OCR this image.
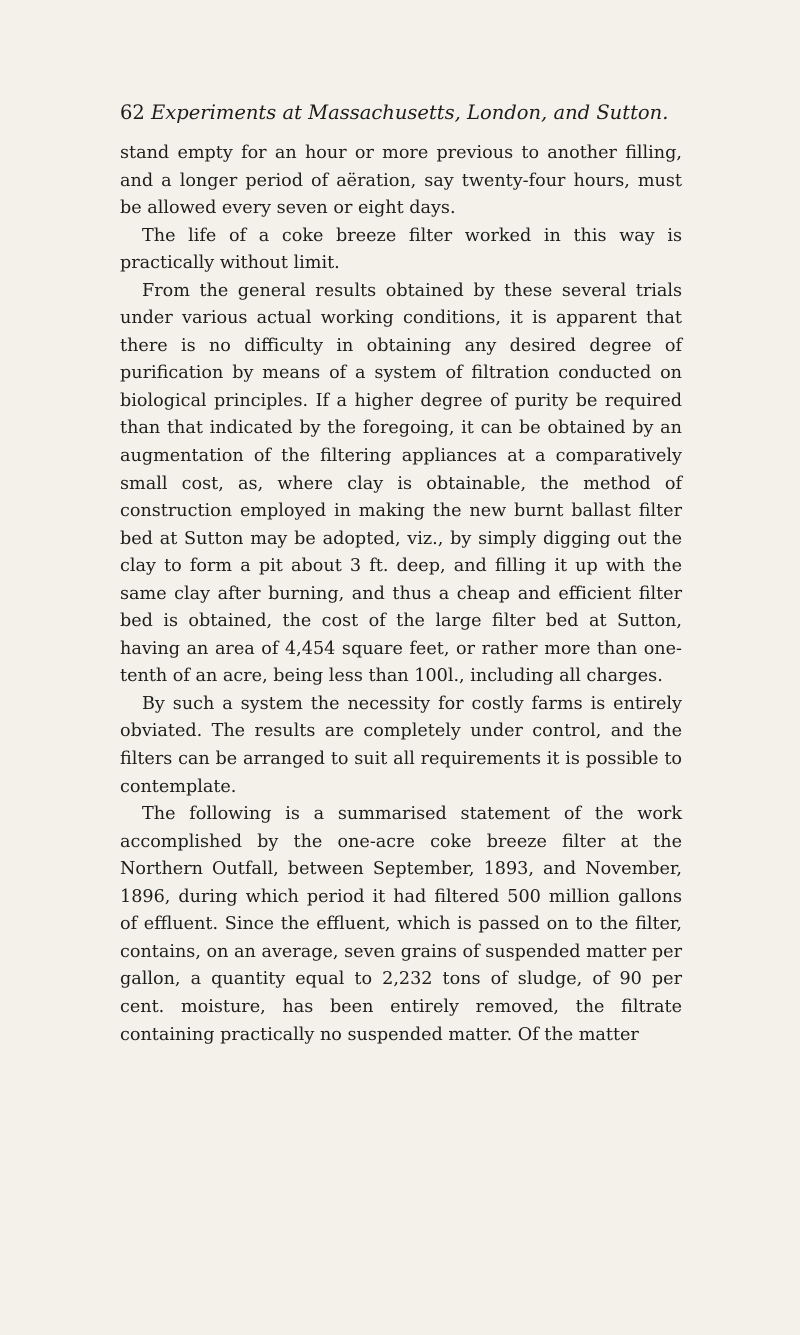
62 Experiments at Massachusetts, London, and Sutton.

stand empty for an hour or more previous to another filling, and a longer period of aëration, say twenty-four hours, must be allowed every seven or eight days.

The life of a coke breeze filter worked in this way is practically without limit.

From the general results obtained by these several trials under various actual working conditions, it is apparent that there is no difficulty in obtaining any desired degree of purification by means of a system of filtration conducted on biological principles. If a higher degree of purity be required than that indicated by the foregoing, it can be obtained by an augmentation of the filtering appliances at a comparatively small cost, as, where clay is obtainable, the method of construction employed in making the new burnt ballast filter bed at Sutton may be adopted, viz., by simply digging out the clay to form a pit about 3 ft. deep, and filling it up with the same clay after burning, and thus a cheap and efficient filter bed is obtained, the cost of the large filter bed at Sutton, having an area of 4,454 square feet, or rather more than one-tenth of an acre, being less than 100l., including all charges.

By such a system the necessity for costly farms is entirely obviated. The results are completely under control, and the filters can be arranged to suit all requirements it is possible to contemplate.

The following is a summarised statement of the work accomplished by the one-acre coke breeze filter at the Northern Outfall, between September, 1893, and November, 1896, during which period it had filtered 500 million gallons of effluent. Since the effluent, which is passed on to the filter, contains, on an average, seven grains of suspended matter per gallon, a quantity equal to 2,232 tons of sludge, of 90 per cent. moisture, has been entirely removed, the filtrate containing practically no suspended matter. Of the matter
